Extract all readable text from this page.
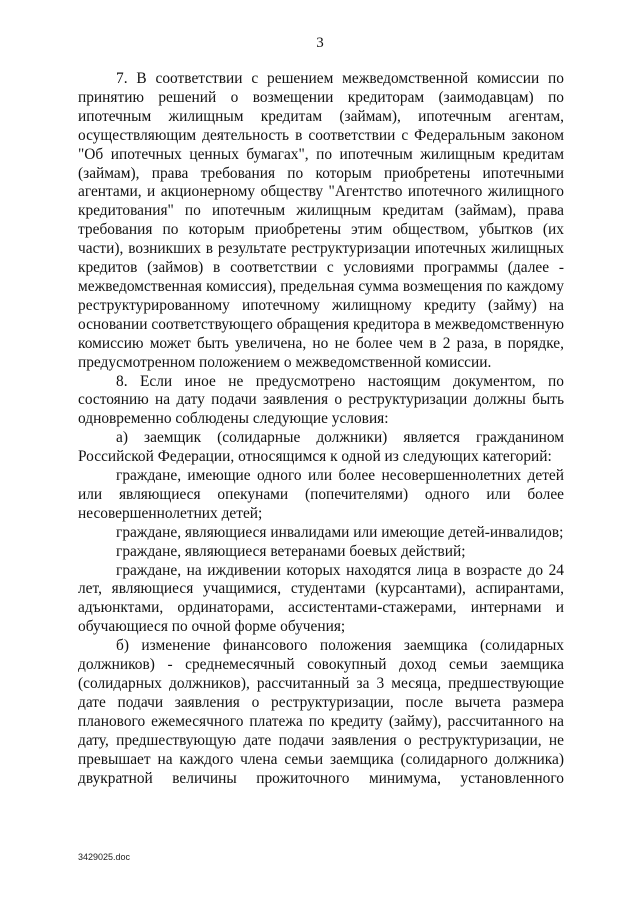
3

7. В соответствии с решением межведомственной комиссии по принятию решений о возмещении кредиторам (заимодавцам) по ипотечным жилищным кредитам (займам), ипотечным агентам, осуществляющим деятельность в соответствии с Федеральным законом "Об ипотечных ценных бумагах", по ипотечным жилищным кредитам (займам), права требования по которым приобретены ипотечными агентами, и акционерному обществу "Агентство ипотечного жилищного кредитования" по ипотечным жилищным кредитам (займам), права требования по которым приобретены этим обществом, убытков (их части), возникших в результате реструктуризации ипотечных жилищных кредитов (займов) в соответствии с условиями программы (далее - межведомственная комиссия), предельная сумма возмещения по каждому реструктурированному ипотечному жилищному кредиту (займу) на основании соответствующего обращения кредитора в межведомственную комиссию может быть увеличена, но не более чем в 2 раза, в порядке, предусмотренном положением о межведомственной комиссии.

8. Если иное не предусмотрено настоящим документом, по состоянию на дату подачи заявления о реструктуризации должны быть одновременно соблюдены следующие условия:

а) заемщик (солидарные должники) является гражданином Российской Федерации, относящимся к одной из следующих категорий:

граждане, имеющие одного или более несовершеннолетних детей или являющиеся опекунами (попечителями) одного или более несовершеннолетних детей;

граждане, являющиеся инвалидами или имеющие детей-инвалидов;

граждане, являющиеся ветеранами боевых действий;

граждане, на иждивении которых находятся лица в возрасте до 24 лет, являющиеся учащимися, студентами (курсантами), аспирантами, адъюнктами, ординаторами, ассистентами-стажерами, интернами и обучающиеся по очной форме обучения;

б) изменение финансового положения заемщика (солидарных должников) - среднемесячный совокупный доход семьи заемщика (солидарных должников), рассчитанный за 3 месяца, предшествующие дате подачи заявления о реструктуризации, после вычета размера планового ежемесячного платежа по кредиту (займу), рассчитанного на дату, предшествующую дате подачи заявления о реструктуризации, не превышает на каждого члена семьи заемщика (солидарного должника) двукратной величины прожиточного минимума, установленного

3429025.doc
